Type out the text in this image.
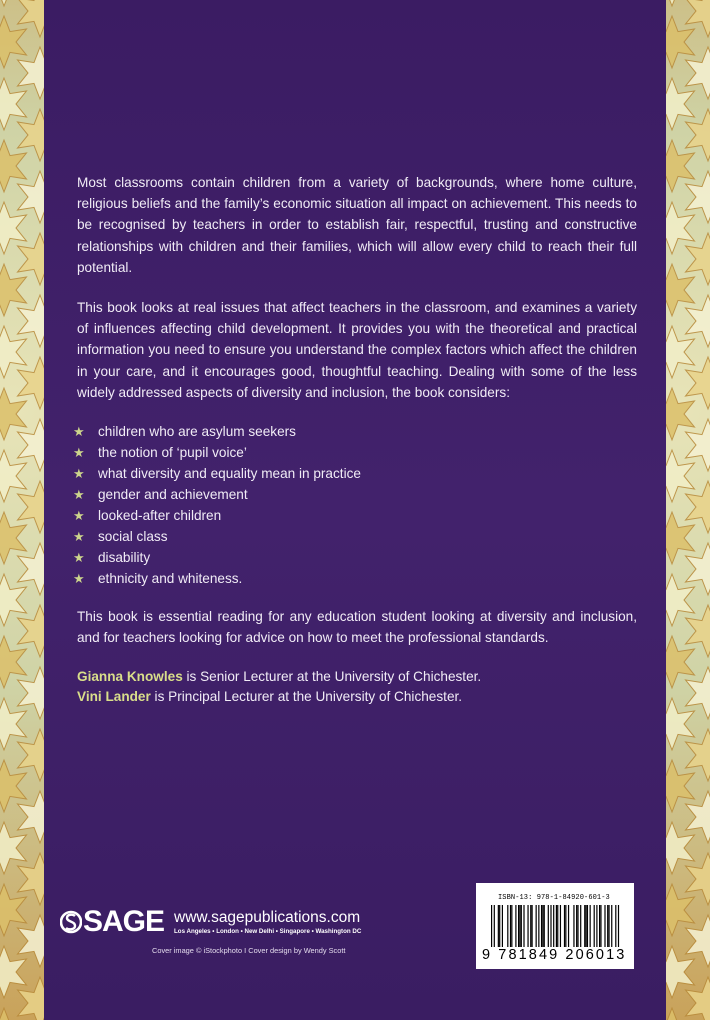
Most classrooms contain children from a variety of backgrounds, where home culture, religious beliefs and the family’s economic situation all impact on achievement. This needs to be recognised by teachers in order to establish fair, respectful, trusting and constructive relationships with children and their families, which will allow every child to reach their full potential.

This book looks at real issues that affect teachers in the classroom, and examines a variety of influences affecting child development. It provides you with the theoretical and practical information you need to ensure you understand the complex factors which affect the children in your care, and it encourages good, thoughtful teaching. Dealing with some of the less widely addressed aspects of diversity and inclusion, the book considers:

★ children who are asylum seekers
★ the notion of ‘pupil voice’
★ what diversity and equality mean in practice
★ gender and achievement
★ looked-after children
★ social class
★ disability
★ ethnicity and whiteness.

This book is essential reading for any education student looking at diversity and inclusion, and for teachers looking for advice on how to meet the professional standards.

Gianna Knowles is Senior Lecturer at the University of Chichester.
Vini Lander is Principal Lecturer at the University of Chichester.
SAGE www.sagepublications.com
Los Angeles • London • New Delhi • Singapore • Washington DC
Cover image © iStockphoto I Cover design by Wendy Scott
ISBN-13: 978-1-84920-601-3
9 781849 206013
